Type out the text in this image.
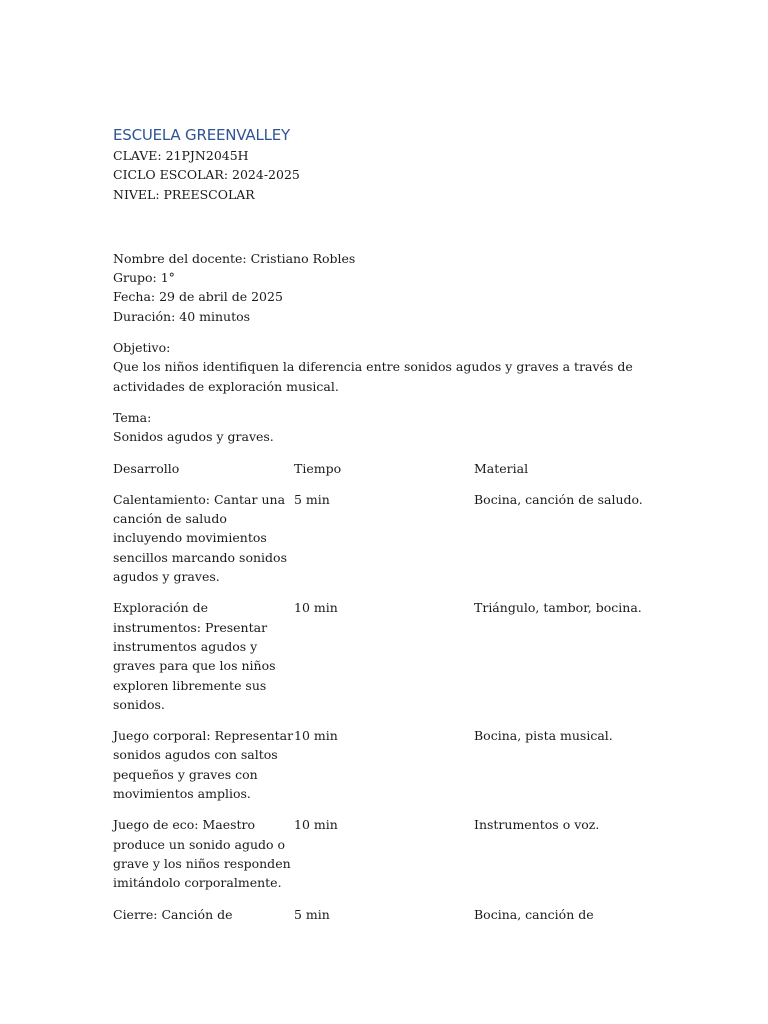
ESCUELA GREENVALLEY

CLAVE: 21PJN2045H

CICLO ESCOLAR: 2024-2025

NIVEL: PREESCOLAR

Nombre del docente: Cristiano Robles

Grupo: 1°

Fecha: 29 de abril de 2025

Duración: 40 minutos

Objetivo:

Que los niños identifiquen la diferencia entre sonidos agudos y graves a través de actividades de exploración musical.

Tema:

Sonidos agudos y graves.

Desarrollo	Tiempo	Material
Calentamiento: Cantar una canción de saludo incluyendo movimientos sencillos marcando sonidos agudos y graves.	5 min	Bocina, canción de saludo.
Exploración de instrumentos: Presentar instrumentos agudos y graves para que los niños exploren libremente sus sonidos.	10 min	Triángulo, tambor, bocina.
Juego corporal: Representar sonidos agudos con saltos pequeños y graves con movimientos amplios.	10 min	Bocina, pista musical.
Juego de eco: Maestro produce un sonido agudo o grave y los niños responden imitándolo corporalmente.	10 min	Instrumentos o voz.
Cierre: Canción de	5 min	Bocina, canción de
